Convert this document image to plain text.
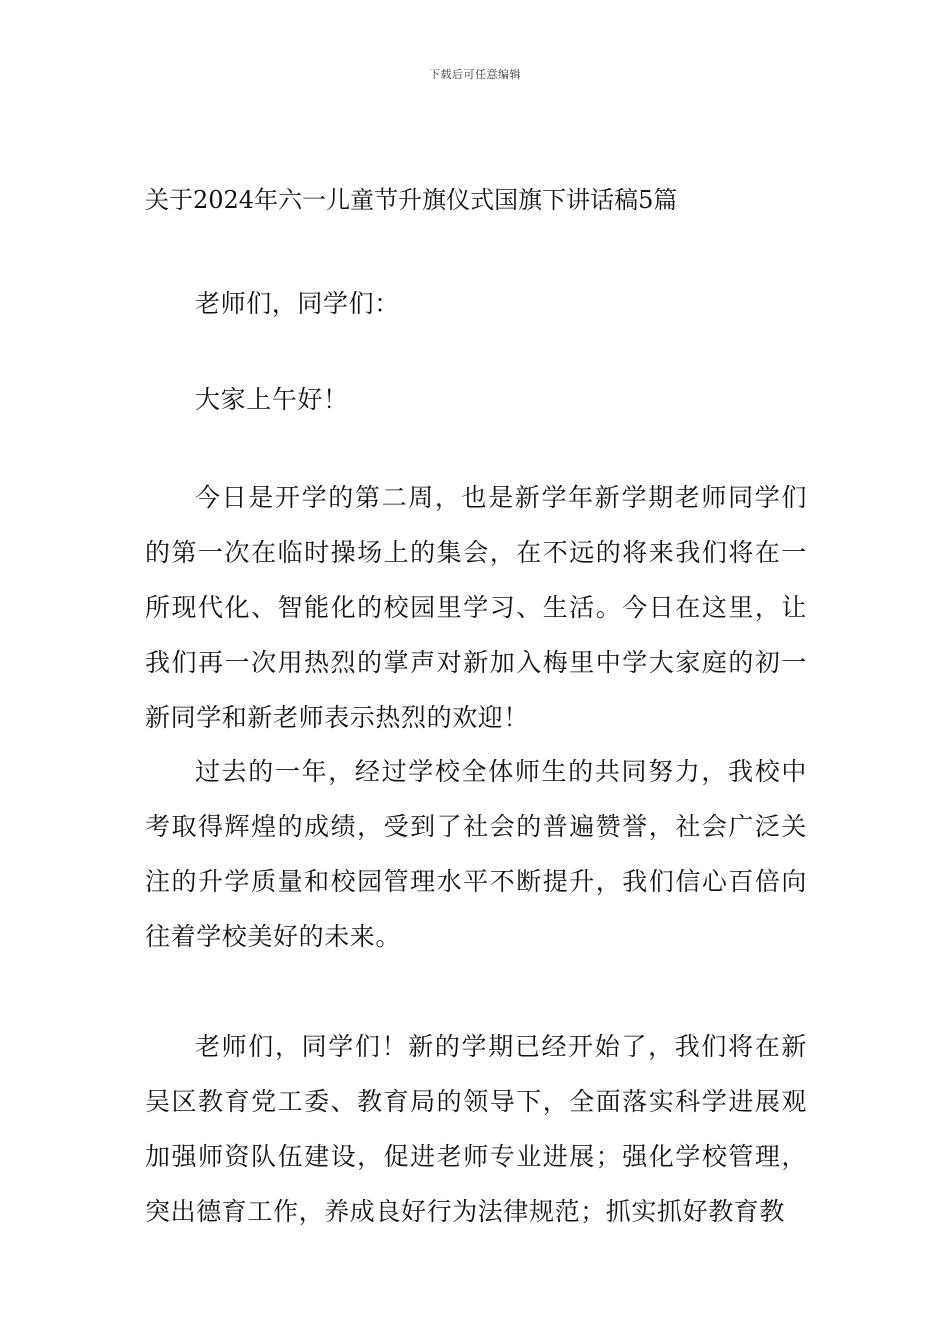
下载后可任意编辑
关于2024年六一儿童节升旗仪式国旗下讲话稿5篇

老师们，同学们：

大家上午好！

今日是开学的第二周，也是新学年新学期老师同学们的第一次在临时操场上的集会，在不远的将来我们将在一所现代化、智能化的校园里学习、生活。今日在这里，让我们再一次用热烈的掌声对新加入梅里中学大家庭的初一新同学和新老师表示热烈的欢迎！

过去的一年，经过学校全体师生的共同努力，我校中考取得辉煌的成绩，受到了社会的普遍赞誉，社会广泛关注的升学质量和校园管理水平不断提升，我们信心百倍向往着学校美好的未来。

老师们，同学们！新的学期已经开始了，我们将在新吴区教育党工委、教育局的领导下，全面落实科学进展观加强师资队伍建设，促进老师专业进展；强化学校管理，突出德育工作，养成良好行为法律规范；抓实抓好教育教
